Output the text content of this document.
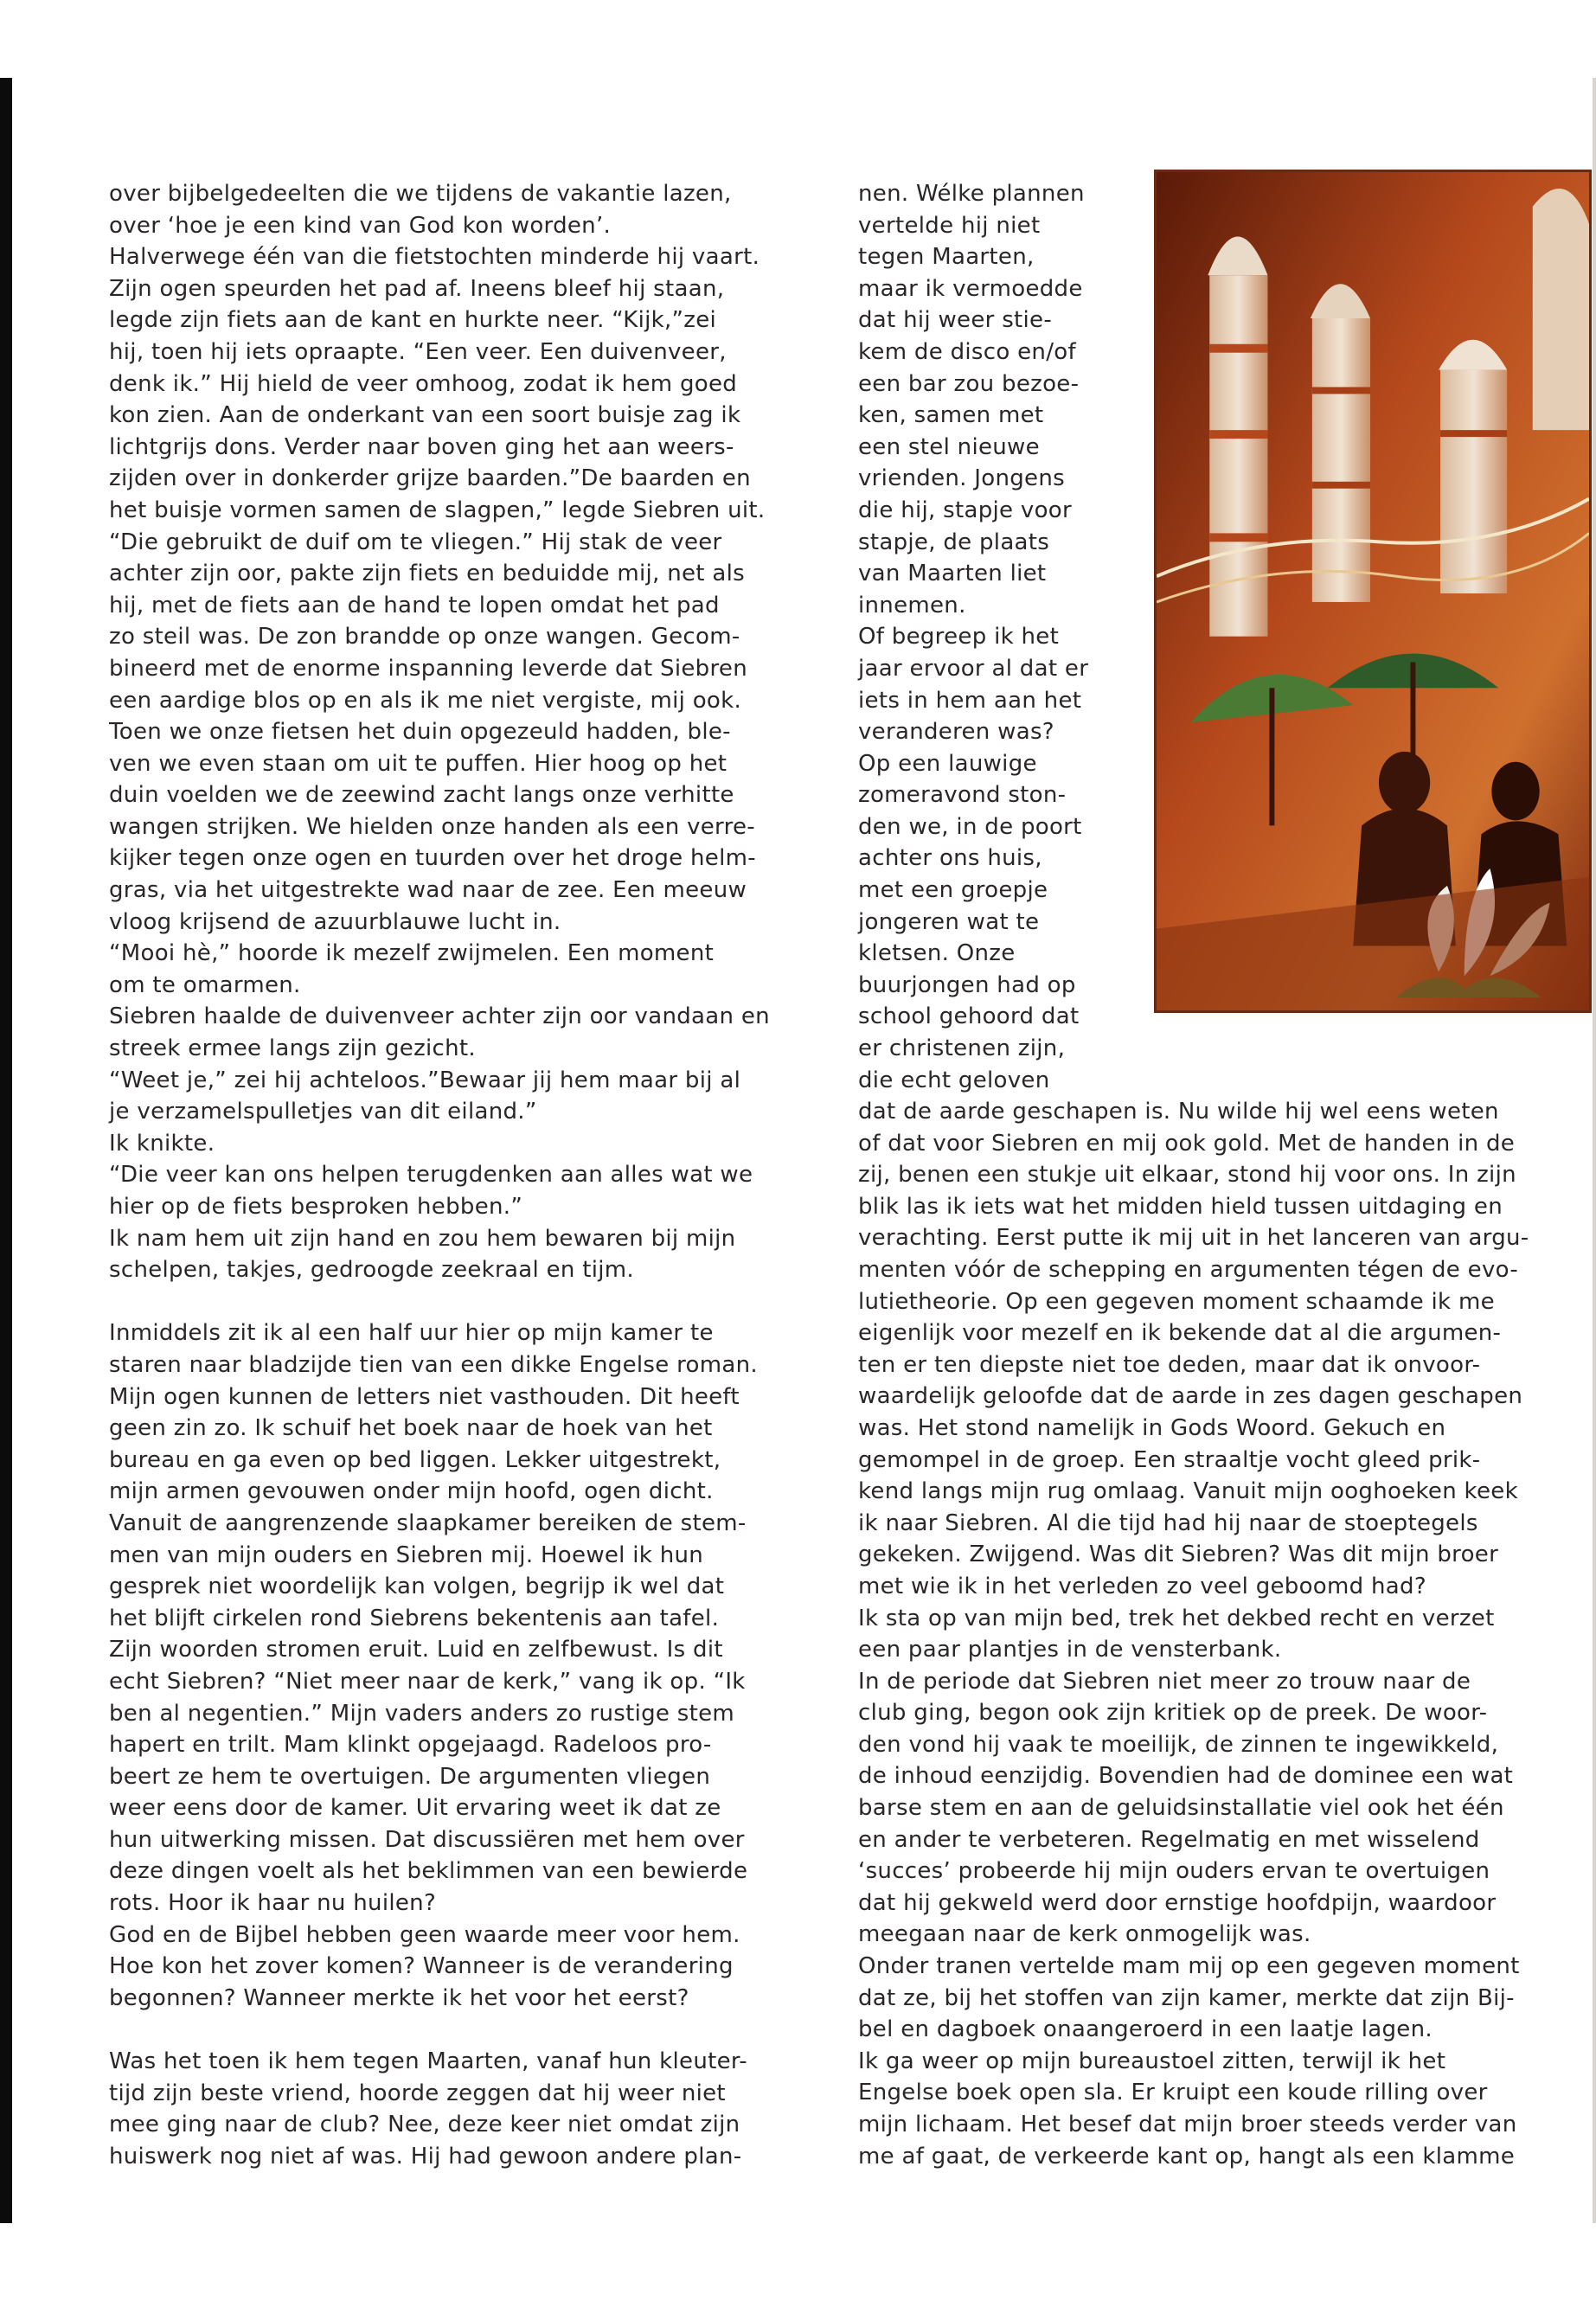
over bijbelgedeelten die we tijdens de vakantie lazen,

over ‘hoe je een kind van God kon worden’.

Halverwege één van die fietstochten minderde hij vaart.

Zijn ogen speurden het pad af. Ineens bleef hij staan,

legde zijn fiets aan de kant en hurkte neer. “Kijk,”zei

hij, toen hij iets opraapte. “Een veer. Een duivenveer,

denk ik.” Hij hield de veer omhoog, zodat ik hem goed

kon zien. Aan de onderkant van een soort buisje zag ik

lichtgrijs dons. Verder naar boven ging het aan weers-

zijden over in donkerder grijze baarden.”De baarden en

het buisje vormen samen de slagpen,” legde Siebren uit.

“Die gebruikt de duif om te vliegen.” Hij stak de veer

achter zijn oor, pakte zijn fiets en beduidde mij, net als

hij, met de fiets aan de hand te lopen omdat het pad

zo steil was. De zon brandde op onze wangen. Gecom-

bineerd met de enorme inspanning leverde dat Siebren

een aardige blos op en als ik me niet vergiste, mij ook.

Toen we onze fietsen het duin opgezeuld hadden, ble-

ven we even staan om uit te puffen. Hier hoog op het

duin voelden we de zeewind zacht langs onze verhitte

wangen strijken. We hielden onze handen als een verre-

kijker tegen onze ogen en tuurden over het droge helm-

gras, via het uitgestrekte wad naar de zee. Een meeuw

vloog krijsend de azuurblauwe lucht in.

“Mooi hè,” hoorde ik mezelf zwijmelen. Een moment

om te omarmen.

Siebren haalde de duivenveer achter zijn oor vandaan en

streek ermee langs zijn gezicht.

“Weet je,” zei hij achteloos.”Bewaar jij hem maar bij al

je verzamelspulletjes van dit eiland.”

Ik knikte.

“Die veer kan ons helpen terugdenken aan alles wat we

hier op de fiets besproken hebben.”

Ik nam hem uit zijn hand en zou hem bewaren bij mijn

schelpen, takjes, gedroogde zeekraal en tijm.

Inmiddels zit ik al een half uur hier op mijn kamer te

staren naar bladzijde tien van een dikke Engelse roman.

Mijn ogen kunnen de letters niet vasthouden. Dit heeft

geen zin zo. Ik schuif het boek naar de hoek van het

bureau en ga even op bed liggen. Lekker uitgestrekt,

mijn armen gevouwen onder mijn hoofd, ogen dicht.

Vanuit de aangrenzende slaapkamer bereiken de stem-

men van mijn ouders en Siebren mij. Hoewel ik hun

gesprek niet woordelijk kan volgen, begrijp ik wel dat

het blijft cirkelen rond Siebrens bekentenis aan tafel.

Zijn woorden stromen eruit. Luid en zelfbewust. Is dit

echt Siebren? “Niet meer naar de kerk,” vang ik op. “Ik

ben al negentien.” Mijn vaders anders zo rustige stem

hapert en trilt. Mam klinkt opgejaagd. Radeloos pro-

beert ze hem te overtuigen. De argumenten vliegen

weer eens door de kamer. Uit ervaring weet ik dat ze

hun uitwerking missen. Dat discussiëren met hem over

deze dingen voelt als het beklimmen van een bewierde

rots. Hoor ik haar nu huilen?

God en de Bijbel hebben geen waarde meer voor hem.

Hoe kon het zover komen? Wanneer is de verandering

begonnen? Wanneer merkte ik het voor het eerst?

Was het toen ik hem tegen Maarten, vanaf hun kleuter-

tijd zijn beste vriend, hoorde zeggen dat hij weer niet

mee ging naar de club? Nee, deze keer niet omdat zijn

huiswerk nog niet af was. Hij had gewoon andere plan-

nen. Wélke plannen

vertelde hij niet

tegen Maarten,

maar ik vermoedde

dat hij weer stie-

kem de disco en/of

een bar zou bezoe-

ken, samen met

een stel nieuwe

vrienden. Jongens

die hij, stapje voor

stapje, de plaats

van Maarten liet

innemen.

Of begreep ik het

jaar ervoor al dat er

iets in hem aan het

veranderen was?

Op een lauwige

zomeravond ston-

den we, in de poort

achter ons huis,

met een groepje

jongeren wat te

kletsen. Onze

buurjongen had op

school gehoord dat

er christenen zijn,

die echt geloven

dat de aarde geschapen is. Nu wilde hij wel eens weten

of dat voor Siebren en mij ook gold. Met de handen in de

zij, benen een stukje uit elkaar, stond hij voor ons. In zijn

blik las ik iets wat het midden hield tussen uitdaging en

verachting. Eerst putte ik mij uit in het lanceren van argu-

menten vóór de schepping en argumenten tégen de evo-

lutietheorie. Op een gegeven moment schaamde ik me

eigenlijk voor mezelf en ik bekende dat al die argumen-

ten er ten diepste niet toe deden, maar dat ik onvoor-

waardelijk geloofde dat de aarde in zes dagen geschapen

was. Het stond namelijk in Gods Woord. Gekuch en

gemompel in de groep. Een straaltje vocht gleed prik-

kend langs mijn rug omlaag. Vanuit mijn ooghoeken keek

ik naar Siebren. Al die tijd had hij naar de stoeptegels

gekeken. Zwijgend. Was dit Siebren? Was dit mijn broer

met wie ik in het verleden zo veel geboomd had?

Ik sta op van mijn bed, trek het dekbed recht en verzet

een paar plantjes in de vensterbank.

In de periode dat Siebren niet meer zo trouw naar de

club ging, begon ook zijn kritiek op de preek. De woor-

den vond hij vaak te moeilijk, de zinnen te ingewikkeld,

de inhoud eenzijdig. Bovendien had de dominee een wat

barse stem en aan de geluidsinstallatie viel ook het één

en ander te verbeteren. Regelmatig en met wisselend

‘succes’ probeerde hij mijn ouders ervan te overtuigen

dat hij gekweld werd door ernstige hoofdpijn, waardoor

meegaan naar de kerk onmogelijk was.

Onder tranen vertelde mam mij op een gegeven moment

dat ze, bij het stoffen van zijn kamer, merkte dat zijn Bij-

bel en dagboek onaangeroerd in een laatje lagen.

Ik ga weer op mijn bureaustoel zitten, terwijl ik het

Engelse boek open sla. Er kruipt een koude rilling over

mijn lichaam. Het besef dat mijn broer steeds verder van

me af gaat, de verkeerde kant op, hangt als een klamme
